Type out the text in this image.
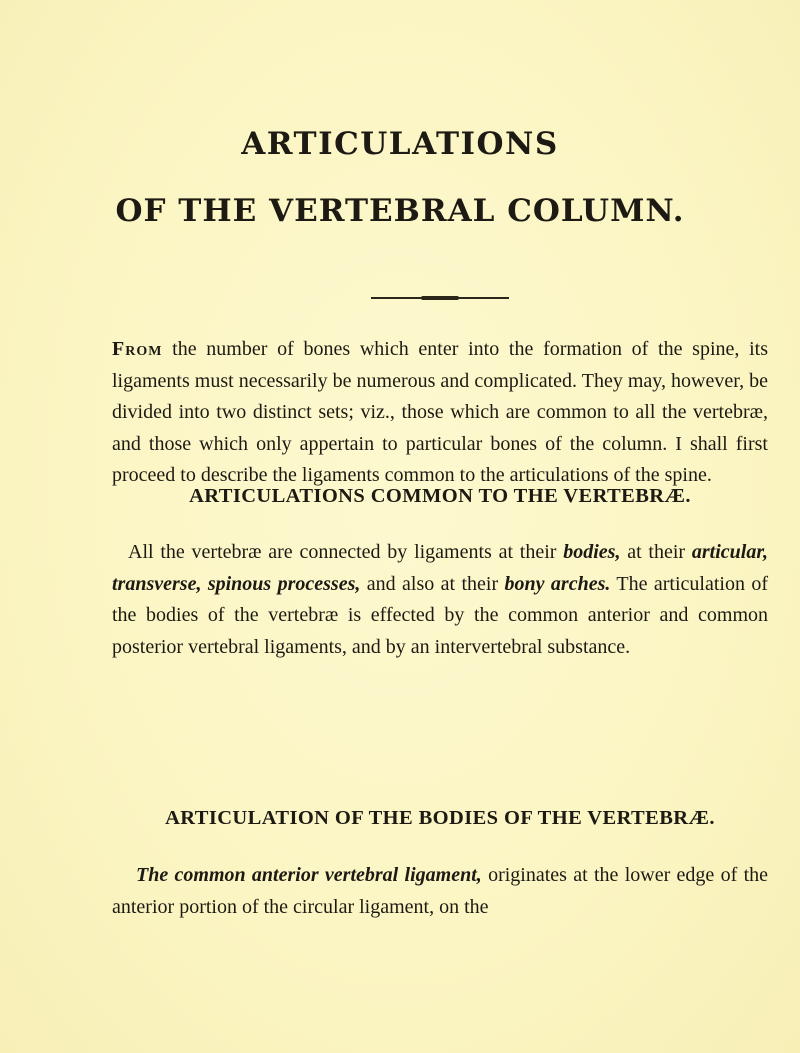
ARTICULATIONS
OF THE VERTEBRAL COLUMN.

From the number of bones which enter into the formation of the spine, its ligaments must necessarily be numerous and complicated. They may, however, be divided into two distinct sets; viz., those which are common to all the vertebræ, and those which only appertain to particular bones of the column. I shall first proceed to describe the ligaments common to the articulations of the spine.

ARTICULATIONS COMMON TO THE VERTEBRÆ.

All the vertebræ are connected by ligaments at their bodies, at their articular, transverse, spinous processes, and also at their bony arches. The articulation of the bodies of the vertebræ is effected by the common anterior and common posterior vertebral ligaments, and by an intervertebral substance.

ARTICULATION OF THE BODIES OF THE VERTEBRÆ.

The common anterior vertebral ligament, originates at the lower edge of the anterior portion of the circular ligament, on the
